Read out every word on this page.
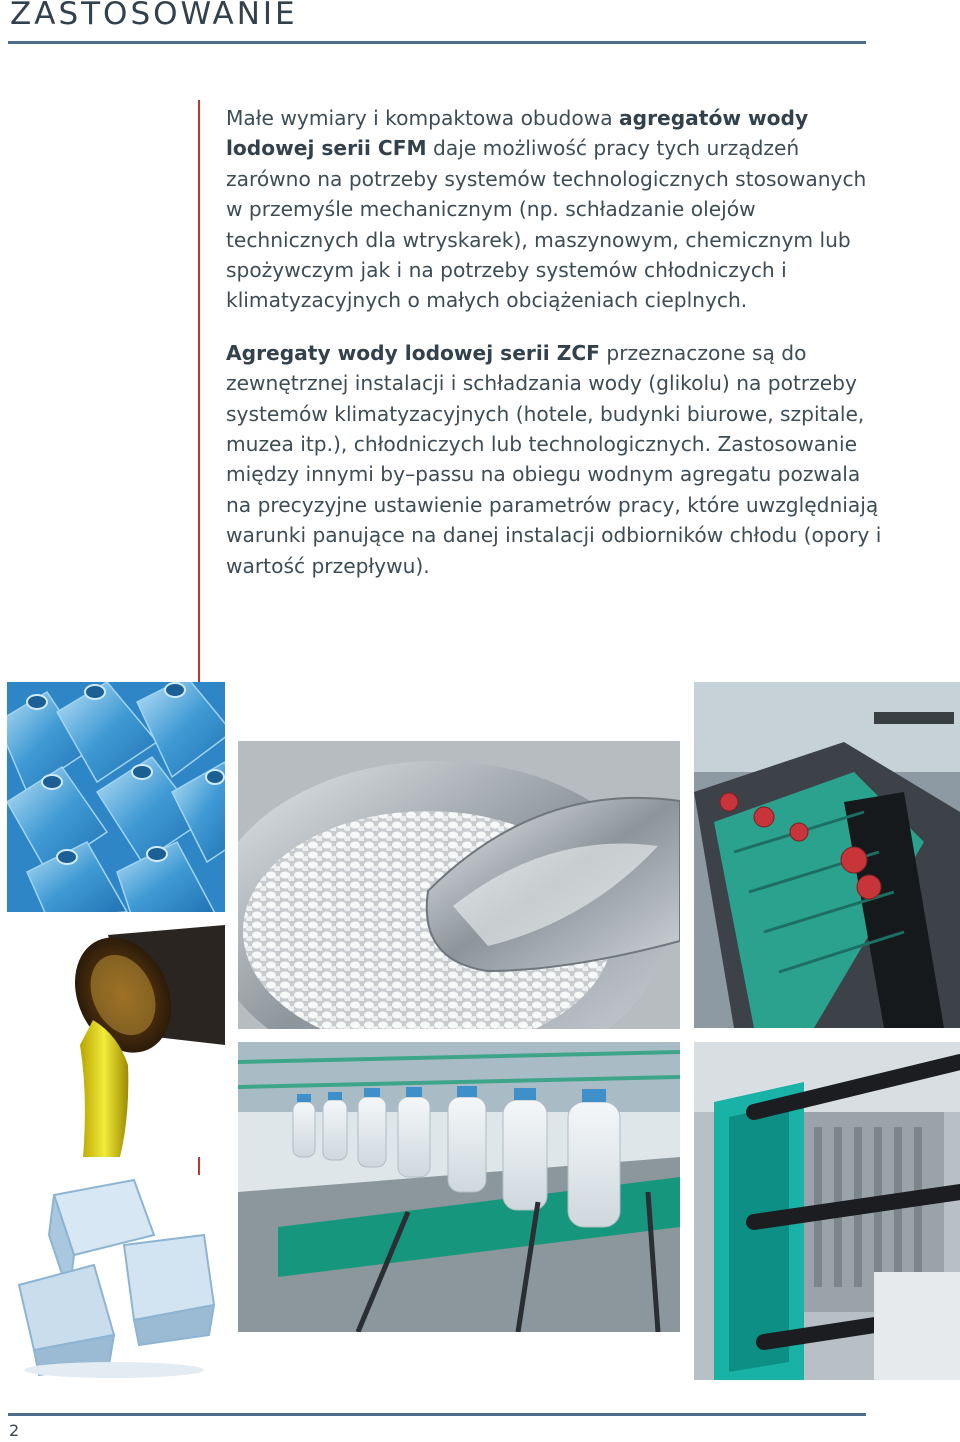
ZASTOSOWANIE

Małe wymiary i kompaktowa obudowa agregatów wody lodowej serii CFM daje możliwość pracy tych urządzeń zarówno na potrzeby systemów technologicznych stosowanych w przemyśle mechanicznym (np. schładzanie olejów technicznych dla wtryskarek), maszynowym, chemicznym lub spożywczym jak i na potrzeby systemów chłodniczych i klimatyzacyjnych o małych obciążeniach cieplnych.

Agregaty wody lodowej serii ZCF przeznaczone są do zewnętrznej instalacji i schładzania wody (glikolu) na potrzeby systemów klimatyzacyjnych (hotele, budynki biurowe, szpitale, muzea itp.), chłodniczych lub technologicznych. Zastosowanie między innymi by–passu na obiegu wodnym agregatu pozwala na precyzyjne ustawienie parametrów pracy, które uwzględniają warunki panujące na danej instalacji odbiorników chłodu (opory i wartość przepływu).

2
